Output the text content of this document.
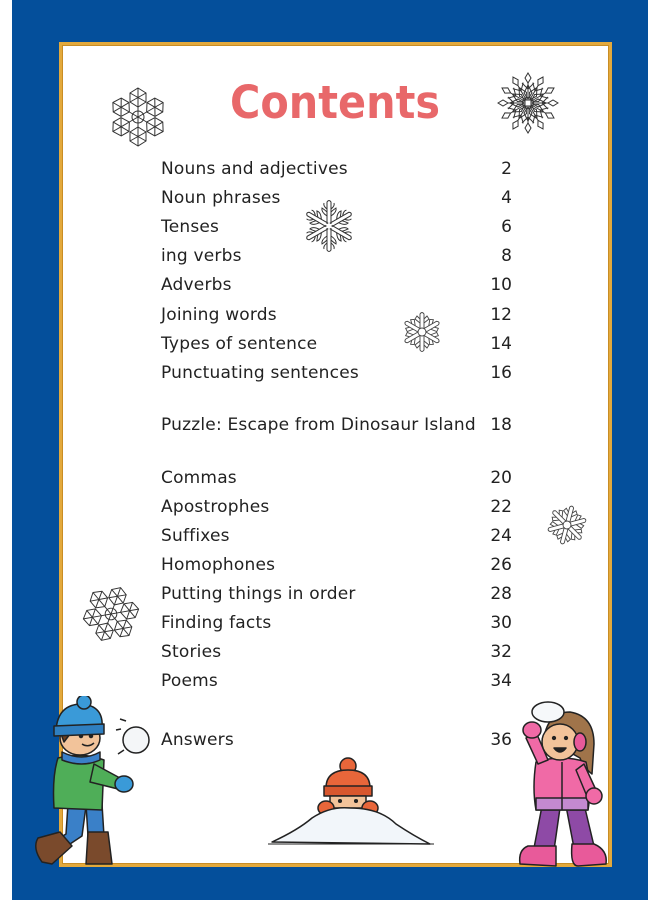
Contents
Nouns and adjectives	2
Noun phrases	4
Tenses	6
ing verbs	8
Adverbs	10
Joining words	12
Types of sentence	14
Punctuating sentences	16
Puzzle: Escape from Dinosaur Island 18
Commas	20
Apostrophes	22
Suffixes	24
Homophones	26
Putting things in order	28
Finding facts	30
Stories	32
Poems	34
Answers	36
